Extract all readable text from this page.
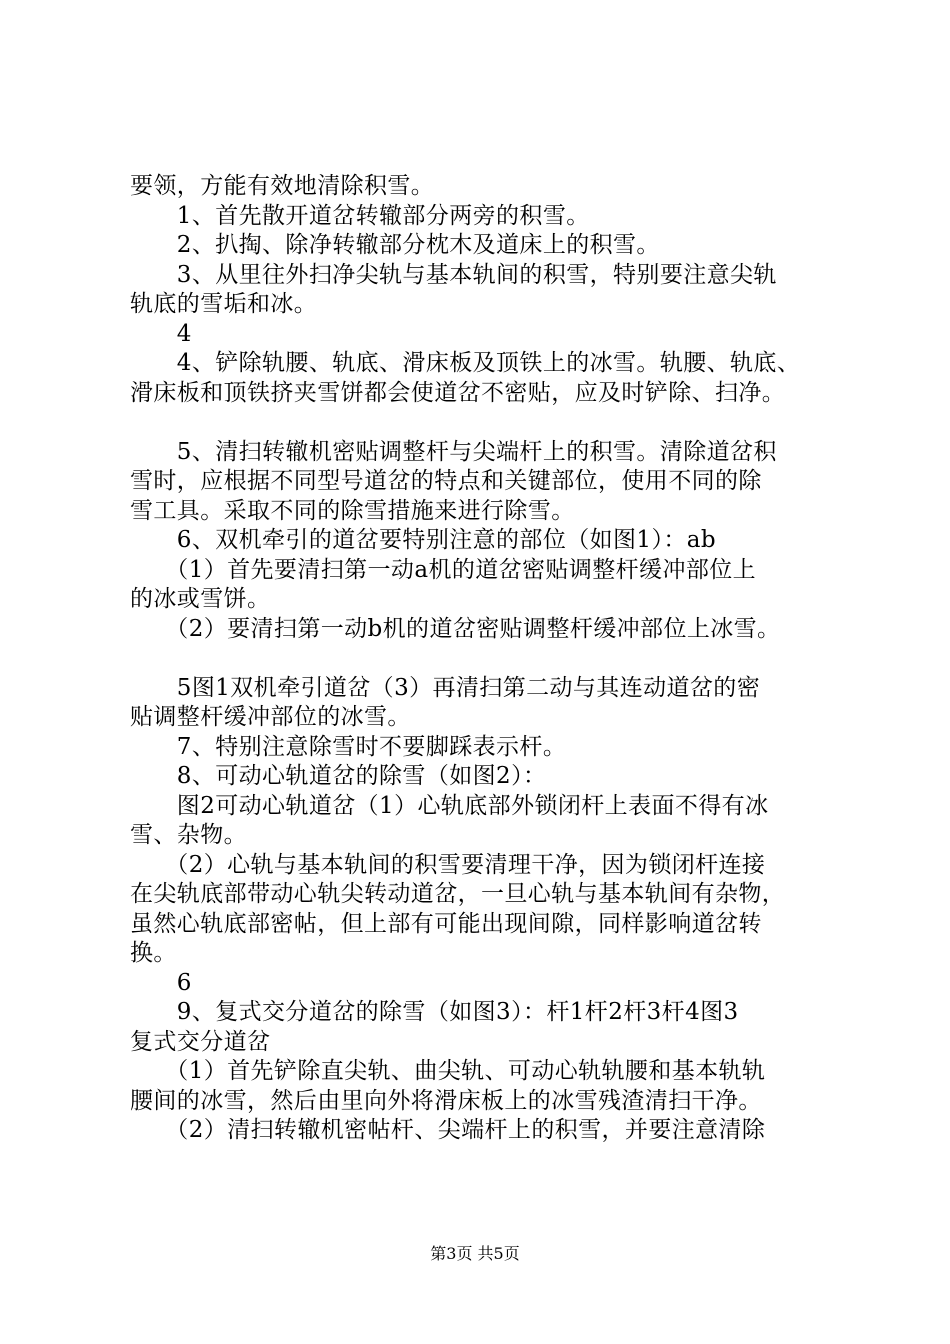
要领，方能有效地清除积雪。
　　1、首先散开道岔转辙部分两旁的积雪。
　　2、扒掏、除净转辙部分枕木及道床上的积雪。
　　3、从里往外扫净尖轨与基本轨间的积雪，特别要注意尖轨
轨底的雪垢和冰。
　　4
　　4、铲除轨腰、轨底、滑床板及顶铁上的冰雪。轨腰、轨底、
滑床板和顶铁挤夹雪饼都会使道岔不密贴，应及时铲除、扫净。
　　5、清扫转辙机密贴调整杆与尖端杆上的积雪。清除道岔积
雪时，应根据不同型号道岔的特点和关键部位，使用不同的除
雪工具。采取不同的除雪措施来进行除雪。
　　6、双机牵引的道岔要特别注意的部位（如图1）：ab
　　（1）首先要清扫第一动a机的道岔密贴调整杆缓冲部位上
的冰或雪饼。
　　（2）要清扫第一动b机的道岔密贴调整杆缓冲部位上冰雪。
　　5图1双机牵引道岔（3）再清扫第二动与其连动道岔的密
贴调整杆缓冲部位的冰雪。
　　7、特别注意除雪时不要脚踩表示杆。
　　8、可动心轨道岔的除雪（如图2）：
　　图2可动心轨道岔（1）心轨底部外锁闭杆上表面不得有冰
雪、杂物。
　　（2）心轨与基本轨间的积雪要清理干净，因为锁闭杆连接
在尖轨底部带动心轨尖转动道岔，一旦心轨与基本轨间有杂物，
虽然心轨底部密帖，但上部有可能出现间隙，同样影响道岔转
换。
　　6
　　9、复式交分道岔的除雪（如图3）：杆1杆2杆3杆4图3
复式交分道岔
　　（1）首先铲除直尖轨、曲尖轨、可动心轨轨腰和基本轨轨
腰间的冰雪，然后由里向外将滑床板上的冰雪残渣清扫干净。
　　（2）清扫转辙机密帖杆、尖端杆上的积雪，并要注意清除
第3页 共5页
